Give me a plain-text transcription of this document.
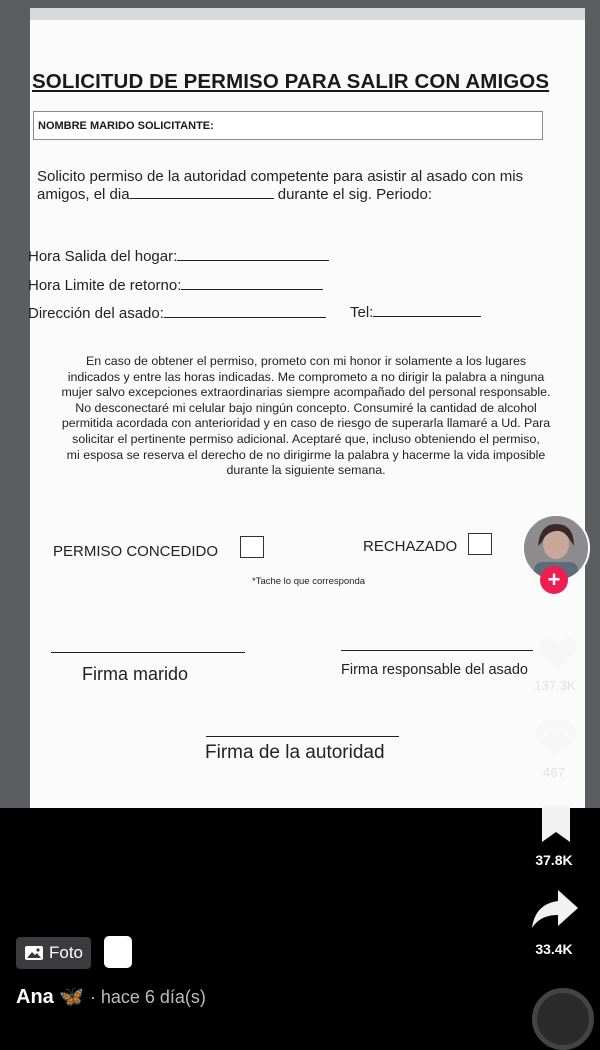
SOLICITUD DE PERMISO PARA SALIR CON AMIGOS
NOMBRE MARIDO SOLICITANTE:
Solicito permiso de la autoridad competente para asistir al asado con mis
amigos, el dia	durante el sig. Periodo:
Hora Salida del hogar:
Hora Limite de retorno:
Dirección del asado:	Tel:
En caso de obtener el permiso, prometo con mi honor ir solamente a los lugares
indicados y entre las horas indicadas. Me comprometo a no dirigir la palabra a ninguna
mujer salvo excepciones extraordinarias siempre acompañado del personal responsable.
No desconectaré mi celular bajo ningún concepto. Consumiré la cantidad de alcohol
permitida acordada con anterioridad y en caso de riesgo de superarla llamaré a Ud. Para
solicitar el pertinente permiso adicional. Aceptaré que, incluso obteniendo el permiso,
mi esposa se reserva el derecho de no dirigirme la palabra y hacerme la vida imposible
durante la siguiente semana.
PERMISO CONCEDIDO	RECHAZADO
*Tache lo que corresponda
Firma marido	Firma responsable del asado
Firma de la autoridad
+
137.3K
467
37.8K
33.4K
Foto
Ana 🦋 · hace 6 día(s)
